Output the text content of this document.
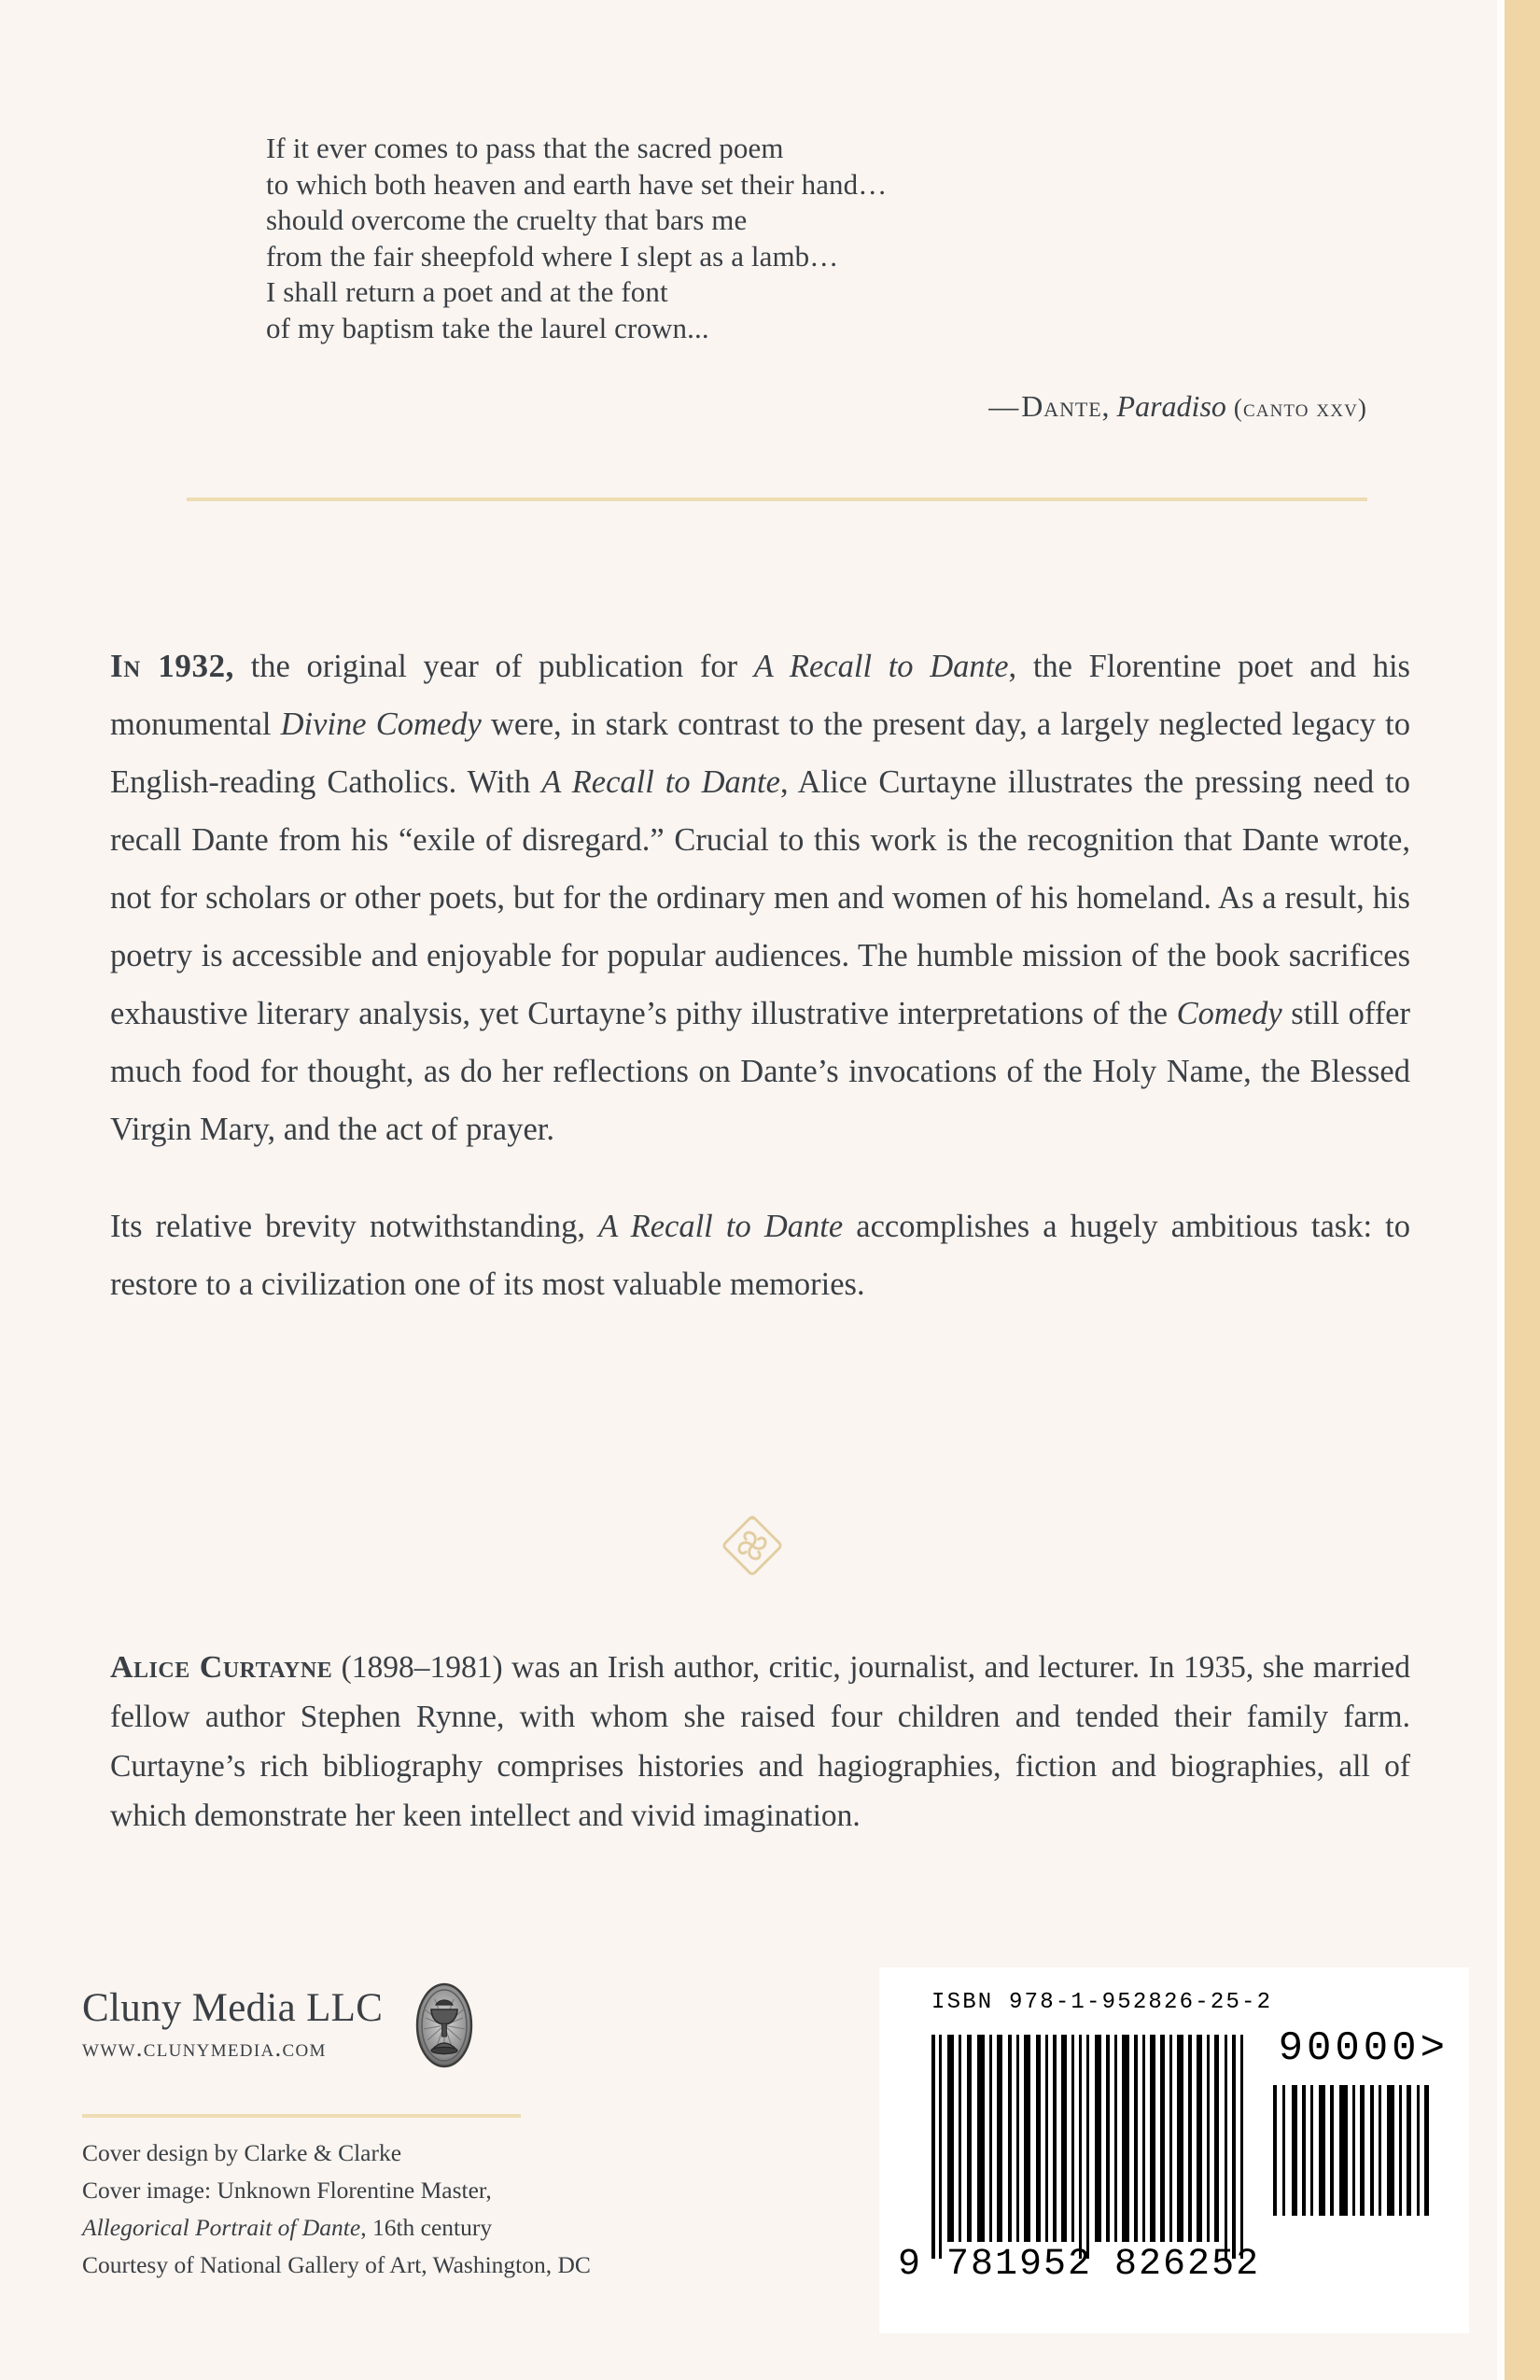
If it ever comes to pass that the sacred poem
to which both heaven and earth have set their hand…
should overcome the cruelty that bars me
from the fair sheepfold where I slept as a lamb…
I shall return a poet and at the font
of my baptism take the laurel crown...
— Dante, Paradiso (canto xxv)

In 1932, the original year of publication for A Recall to Dante, the Florentine poet and his monumental Divine Comedy were, in stark contrast to the present day, a largely neglected legacy to English-reading Catholics. With A Recall to Dante, Alice Curtayne illustrates the pressing need to recall Dante from his “exile of disregard.” Crucial to this work is the recognition that Dante wrote, not for scholars or other poets, but for the ordinary men and women of his homeland. As a result, his poetry is accessible and enjoyable for popular audiences. The humble mission of the book sacrifices exhaustive literary analysis, yet Curtayne’s pithy illustrative interpretations of the Comedy still offer much food for thought, as do her reflections on Dante’s invocations of the Holy Name, the Blessed Virgin Mary, and the act of prayer.

Its relative brevity notwithstanding, A Recall to Dante accomplishes a hugely ambitious task: to restore to a civilization one of its most valuable memories.

Alice Curtayne (1898–1981) was an Irish author, critic, journalist, and lecturer. In 1935, she married fellow author Stephen Rynne, with whom she raised four children and tended their family farm. Curtayne’s rich bibliography comprises histories and hagiographies, fiction and biographies, all of which demonstrate her keen intellect and vivid imagination.

Cluny Media LLC
www.clunymedia.com
Cover design by Clarke & Clarke
Cover image: Unknown Florentine Master,
Allegorical Portrait of Dante, 16th century
Courtesy of National Gallery of Art, Washington, DC
ISBN 978-1-952826-25-2
90000>
9 781952 826252
